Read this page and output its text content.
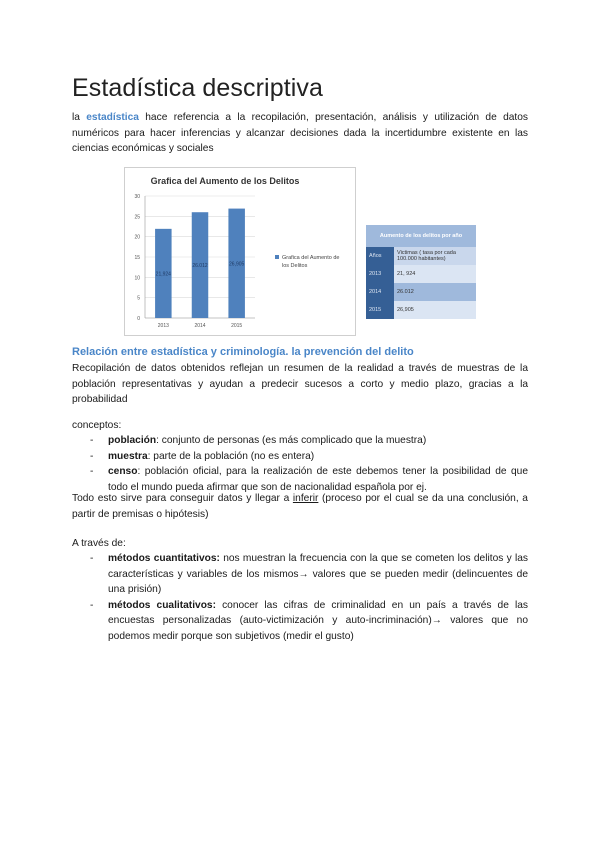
Estadística descriptiva

la estadística hace referencia a la recopilación, presentación, análisis y utilización de datos numéricos para hacer inferencias y alcanzar decisiones dada la incertidumbre existente en las ciencias económicas y sociales

Grafica del Aumento de los Delitos
0
5
10
15
20
25
30
21,924
2013
26.012
2014
26,905
2015
Grafica del Aumento de
los Delitos
Aumento de los delitos por año	
Años	Victimas ( tasa por cada 100.000 habitantes)
2013	21, 924
2014	26.012
2015	26,905
Relación entre estadística y criminología. la prevención del delito

Recopilación de datos obtenidos reflejan un resumen de la realidad a través de muestras de la población representativas y ayudan a predecir sucesos a corto y medio plazo, gracias a la probabilidad

conceptos:

- población: conjunto de personas (es más complicado que la muestra)
- muestra: parte de la población (no es entera)
- censo: población oficial, para la realización de este debemos tener la posibilidad de que todo el mundo pueda afirmar que son de nacionalidad española por ej.

Todo esto sirve para conseguir datos y llegar a inferir (proceso por el cual se da una conclusión, a partir de premisas o hipótesis)

A través de:

- métodos cuantitativos: nos muestran la frecuencia con la que se cometen los delitos y las características y variables de los mismos→ valores que se pueden medir (delincuentes de una prisión)
- métodos cualitativos: conocer las cifras de criminalidad en un país a través de las encuestas personalizadas (auto-victimización y auto-incriminación)→ valores que no podemos medir porque son subjetivos (medir el gusto)
